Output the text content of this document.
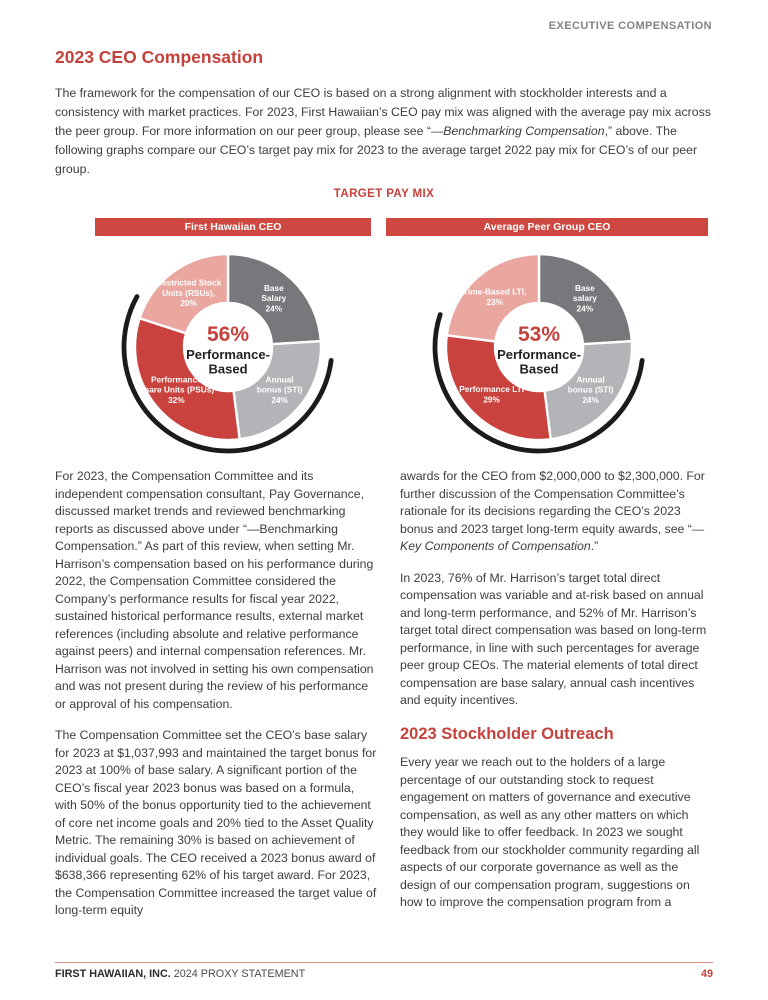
EXECUTIVE COMPENSATION
2023 CEO Compensation
The framework for the compensation of our CEO is based on a strong alignment with stockholder interests and a consistency with market practices. For 2023, First Hawaiian’s CEO pay mix was aligned with the average pay mix across the peer group. For more information on our peer group, please see “—Benchmarking Compensation,” above. The following graphs compare our CEO’s target pay mix for 2023 to the average target 2022 pay mix for CEO’s of our peer group.
TARGET PAY MIX
First Hawaiian CEO	Average Peer Group CEO
Base Salary 24%
Annual bonus (STI) 24%
Performance Share Units (PSUs) 32%
Restricted Stock Units (RSUs), 20%
56%
Performance-Based
Base salary 24%
Annual bonus (STI) 24%
Performance LTI 29%
Time-Based LTI, 23%
53%
Performance-Based

For 2023, the Compensation Committee and its independent compensation consultant, Pay Governance, discussed market trends and reviewed benchmarking reports as discussed above under “—Benchmarking Compensation.” As part of this review, when setting Mr. Harrison’s compensation based on his performance during 2022, the Compensation Committee considered the Company’s performance results for fiscal year 2022, sustained historical performance results, external market references (including absolute and relative performance against peers) and internal compensation references. Mr. Harrison was not involved in setting his own compensation and was not present during the review of his performance or approval of his compensation.

The Compensation Committee set the CEO’s base salary for 2023 at $1,037,993 and maintained the target bonus for 2023 at 100% of base salary. A significant portion of the CEO’s fiscal year 2023 bonus was based on a formula, with 50% of the bonus opportunity tied to the achievement of core net income goals and 20% tied to the Asset Quality Metric. The remaining 30% is based on achievement of individual goals. The CEO received a 2023 bonus award of $638,366 representing 62% of his target award. For 2023, the Compensation Committee increased the target value of long-term equity

awards for the CEO from $2,000,000 to $2,300,000. For further discussion of the Compensation Committee’s rationale for its decisions regarding the CEO’s 2023 bonus and 2023 target long-term equity awards, see “—Key Components of Compensation.”

In 2023, 76% of Mr. Harrison’s target total direct compensation was variable and at-risk based on annual and long-term performance, and 52% of Mr. Harrison’s target total direct compensation was based on long-term performance, in line with such percentages for average peer group CEOs. The material elements of total direct compensation are base salary, annual cash incentives and equity incentives.

2023 Stockholder Outreach

Every year we reach out to the holders of a large percentage of our outstanding stock to request engagement on matters of governance and executive compensation, as well as any other matters on which they would like to offer feedback. In 2023 we sought feedback from our stockholder community regarding all aspects of our corporate governance as well as the design of our compensation program, suggestions on how to improve the compensation program from a

FIRST HAWAIIAN, INC. 2024 PROXY STATEMENT	49
